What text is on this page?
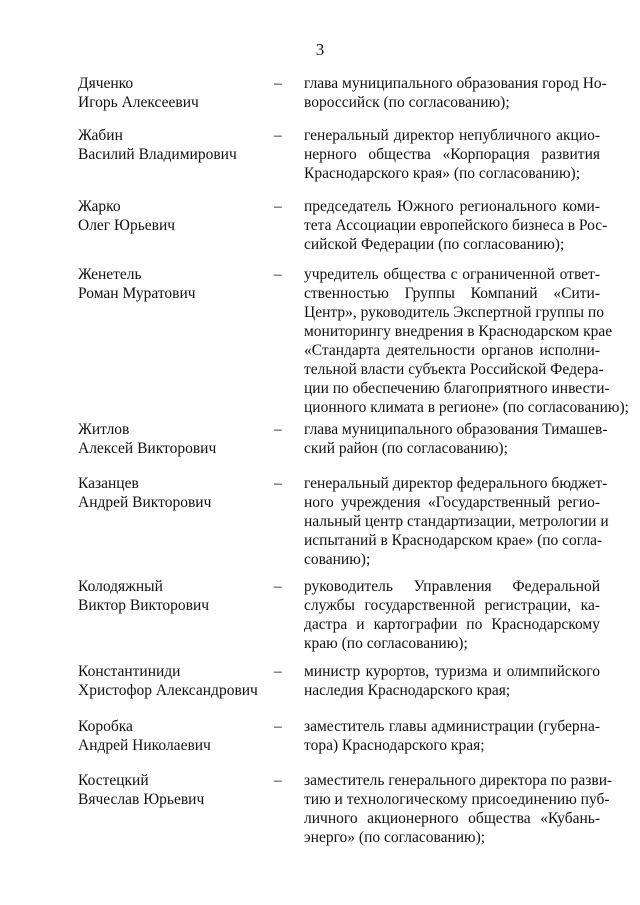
3
Дяченко
Игорь Алексеевич
– глава муниципального образования город Но-
вороссийск (по согласованию);
Жабин
Василий Владимирович
– генеральный директор непубличного акцио-
нерного общества «Корпорация развития
Краснодарского края» (по согласованию);
Жарко
Олег Юрьевич
– председатель Южного регионального коми-
тета Ассоциации европейского бизнеса в Рос-
сийской Федерации (по согласованию);
Женетель
Роман Муратович
– учредитель общества с ограниченной ответ-
ственностью Группы Компаний «Сити-
Центр», руководитель Экспертной группы по
мониторингу внедрения в Краснодарском крае
«Стандарта деятельности органов исполни-
тельной власти субъекта Российской Федера-
ции по обеспечению благоприятного инвести-
ционного климата в регионе» (по согласованию);
Житлов
Алексей Викторович
– глава муниципального образования Тимашев-
ский район (по согласованию);
Казанцев
Андрей Викторович
– генеральный директор федерального бюджет-
ного учреждения «Государственный регио-
нальный центр стандартизации, метрологии и
испытаний в Краснодарском крае» (по согла-
сованию);
Колодяжный
Виктор Викторович
– руководитель Управления Федеральной
службы государственной регистрации, ка-
дастра и картографии по Краснодарскому
краю (по согласованию);
Константиниди
Христофор Александрович
– министр курортов, туризма и олимпийского
наследия Краснодарского края;
Коробка
Андрей Николаевич
– заместитель главы администрации (губерна-
тора) Краснодарского края;
Костецкий
Вячеслав Юрьевич
– заместитель генерального директора по разви-
тию и технологическому присоединению пуб-
личного акционерного общества «Кубань-
энерго» (по согласованию);
